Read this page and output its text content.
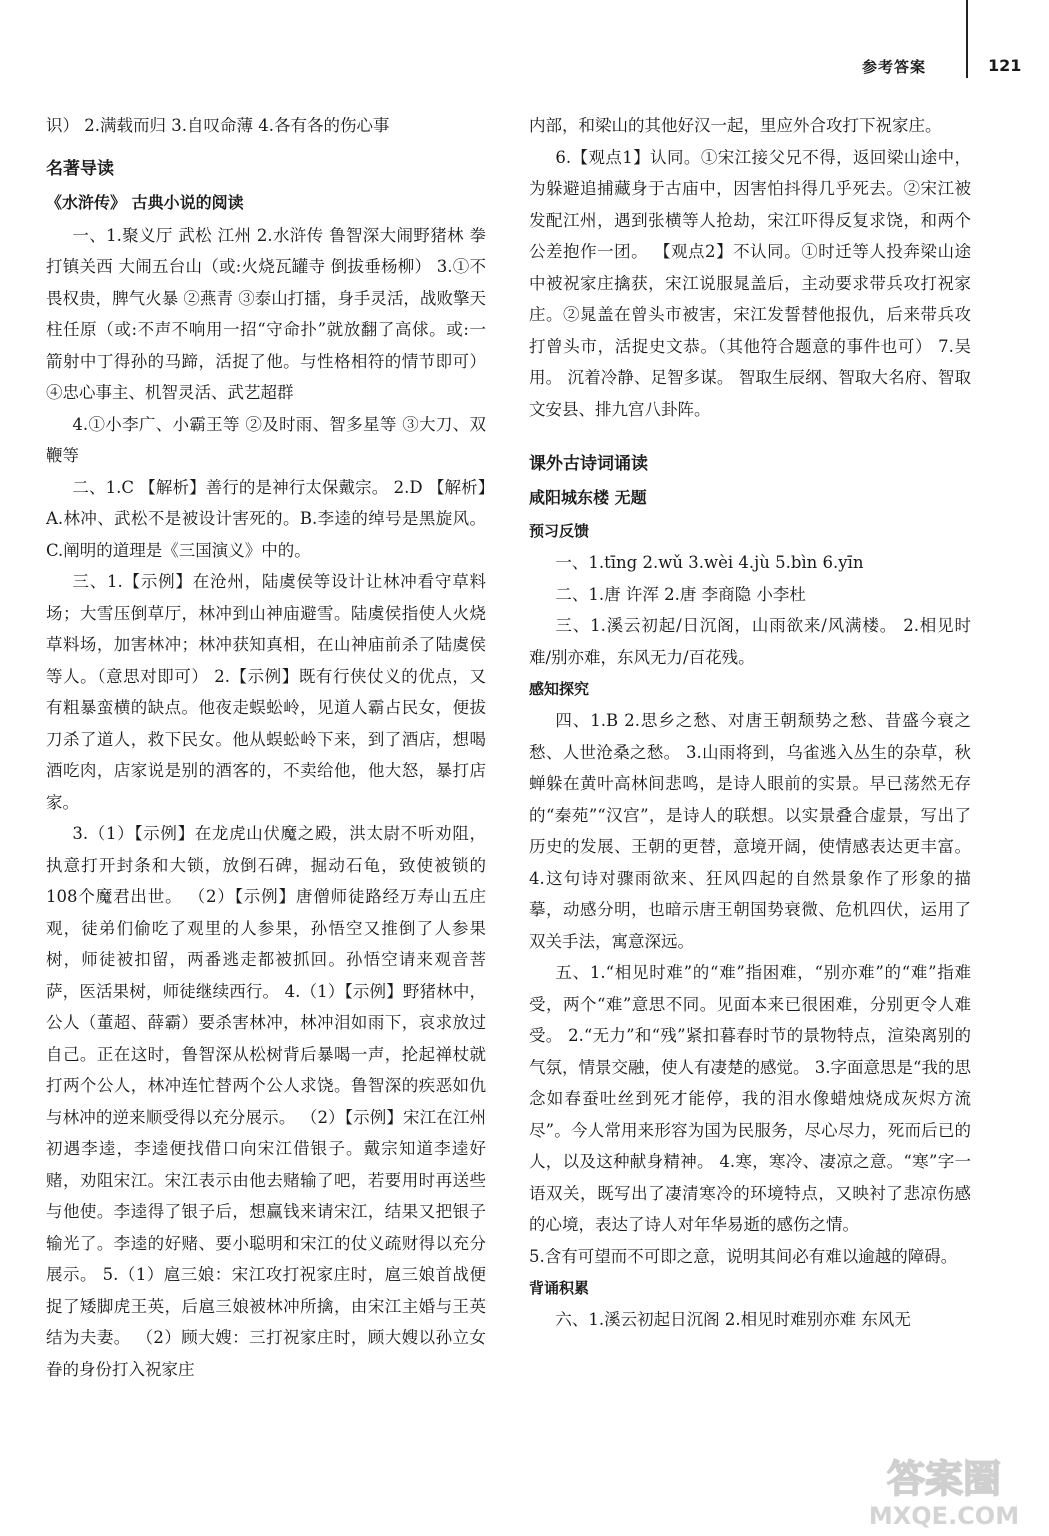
参考答案	121

识） 2.满载而归 3.自叹命薄 4.各有各的伤心事

名著导读

《水浒传》 古典小说的阅读

一、1.聚义厅 武松 江州 2.水浒传 鲁智深大闹野猪林 拳打镇关西 大闹五台山（或:火烧瓦罐寺 倒拔垂杨柳） 3.①不畏权贵，脾气火暴 ②燕青 ③泰山打擂，身手灵活，战败擎天柱任原（或:不声不响用一招“守命扑”就放翻了高俅。或:一箭射中丁得孙的马蹄，活捉了他。与性格相符的情节即可） ④忠心事主、机智灵活、武艺超群

4.①小李广、小霸王等 ②及时雨、智多星等 ③大刀、双鞭等

二、1.C 【解析】善行的是神行太保戴宗。 2.D 【解析】A.林冲、武松不是被设计害死的。B.李逵的绰号是黑旋风。C.阐明的道理是《三国演义》中的。

三、1.【示例】在沧州，陆虞侯等设计让林冲看守草料场；大雪压倒草厅，林冲到山神庙避雪。陆虞侯指使人火烧草料场，加害林冲；林冲获知真相，在山神庙前杀了陆虞侯等人。（意思对即可） 2.【示例】既有行侠仗义的优点，又有粗暴蛮横的缺点。他夜走蜈蚣岭，见道人霸占民女，便拔刀杀了道人，救下民女。他从蜈蚣岭下来，到了酒店，想喝酒吃肉，店家说是别的酒客的，不卖给他，他大怒，暴打店家。

3.（1）【示例】在龙虎山伏魔之殿，洪太尉不听劝阻，执意打开封条和大锁，放倒石碑，掘动石龟，致使被锁的108个魔君出世。 （2）【示例】唐僧师徒路经万寿山五庄观，徒弟们偷吃了观里的人参果，孙悟空又推倒了人参果树，师徒被扣留，两番逃走都被抓回。孙悟空请来观音菩萨，医活果树，师徒继续西行。 4.（1）【示例】野猪林中，公人（董超、薛霸）要杀害林冲，林冲泪如雨下，哀求放过自己。正在这时，鲁智深从松树背后暴喝一声，抡起禅杖就打两个公人，林冲连忙替两个公人求饶。鲁智深的疾恶如仇与林冲的逆来顺受得以充分展示。 （2）【示例】宋江在江州初遇李逵，李逵便找借口向宋江借银子。戴宗知道李逵好赌，劝阻宋江。宋江表示由他去赌输了吧，若要用时再送些与他使。李逵得了银子后，想赢钱来请宋江，结果又把银子输光了。李逵的好赌、要小聪明和宋江的仗义疏财得以充分展示。 5.（1）扈三娘：宋江攻打祝家庄时，扈三娘首战便捉了矮脚虎王英，后扈三娘被林冲所擒，由宋江主婚与王英结为夫妻。 （2）顾大嫂：三打祝家庄时，顾大嫂以孙立女眷的身份打入祝家庄

内部，和梁山的其他好汉一起，里应外合攻打下祝家庄。

6.【观点1】认同。①宋江接父兄不得，返回梁山途中，为躲避追捕藏身于古庙中，因害怕抖得几乎死去。②宋江被发配江州，遇到张横等人抢劫，宋江吓得反复求饶，和两个公差抱作一团。 【观点2】不认同。①时迁等人投奔梁山途中被祝家庄擒获，宋江说服晁盖后，主动要求带兵攻打祝家庄。②晁盖在曾头市被害，宋江发誓替他报仇，后来带兵攻打曾头市，活捉史文恭。（其他符合题意的事件也可） 7.吴用。 沉着冷静、足智多谋。 智取生辰纲、智取大名府、智取文安县、排九宫八卦阵。

课外古诗词诵读

咸阳城东楼 无题

预习反馈

一、1.tīng 2.wǔ 3.wèi 4.jù 5.bìn 6.yīn

二、1.唐 许浑 2.唐 李商隐 小李杜

三、1.溪云初起/日沉阁，山雨欲来/风满楼。 2.相见时难/别亦难，东风无力/百花残。

感知探究

四、1.B 2.思乡之愁、对唐王朝颓势之愁、昔盛今衰之愁、人世沧桑之愁。 3.山雨将到，乌雀逃入丛生的杂草，秋蝉躲在黄叶高林间悲鸣，是诗人眼前的实景。早已荡然无存的“秦苑”“汉宫”，是诗人的联想。以实景叠合虚景，写出了历史的发展、王朝的更替，意境开阔，使情感表达更丰富。 4.这句诗对骤雨欲来、狂风四起的自然景象作了形象的描摹，动感分明，也暗示唐王朝国势衰微、危机四伏，运用了双关手法，寓意深远。

五、1.“相见时难”的“难”指困难，“别亦难”的“难”指难受，两个“难”意思不同。见面本来已很困难，分别更令人难受。 2.“无力”和“残”紧扣暮春时节的景物特点，渲染离别的气氛，情景交融，使人有凄楚的感觉。 3.字面意思是“我的思念如春蚕吐丝到死才能停，我的泪水像蜡烛烧成灰烬方流尽”。今人常用来形容为国为民服务，尽心尽力，死而后已的人，以及这种献身精神。 4.寒，寒冷、凄凉之意。“寒”字一语双关，既写出了凄清寒冷的环境特点，又映衬了悲凉伤感的心境，表达了诗人对年华易逝的感伤之情。

5.含有可望而不可即之意，说明其间必有难以逾越的障碍。

背诵积累

六、1.溪云初起日沉阁 2.相见时难别亦难 东风无

答案圈
MXQE.COM
